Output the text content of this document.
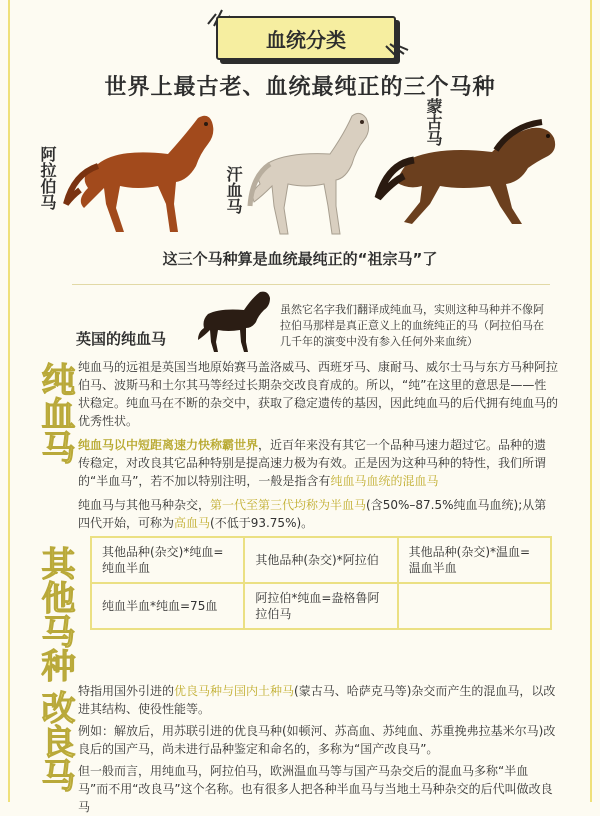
血统分类
世界上最古老、血统最纯正的三个马种
阿拉伯马	汗血马
蒙古马
这三个马种算是血统最纯正的“祖宗马”了
虽然它名字我们翻译成纯血马，实则这种马种并不像阿拉伯马那样是真正意义上的血统纯正的马（阿拉伯马在几千年的演变中没有参入任何外来血统）
英国的纯血马
纯血马 纯血马的远祖是英国当地原始赛马盖洛威马、西班牙马、康耐马、威尔士马与东方马种阿拉伯马、波斯马和土尔其马等经过长期杂交改良育成的。所以，“纯”在这里的意思是——性状稳定。纯血马在不断的杂交中，获取了稳定遗传的基因，因此纯血马的后代拥有纯血马的优秀性状。
纯血马以中短距离速力快称霸世界，近百年来没有其它一个品种马速力超过它。品种的遗传稳定，对改良其它品种特别是提高速力极为有效。正是因为这种马种的特性，我们所谓的“半血马”，若不加以特别注明，一般是指含有纯血马血统的混血马
纯血马与其他马种杂交，第一代至第三代均称为半血马(含50%–87.5%纯血马血统);从第四代开始，可称为高血马(不低于93.75%)。
其他马种 其他品种(杂交)*纯血=纯血半血	其他品种(杂交)*阿拉伯	其他品种(杂交)*温血=温血半血
纯血半血*纯血=75血	阿拉伯*纯血=盎格鲁阿拉伯马	
改良马 特指用国外引进的优良马种与国内土种马(蒙古马、哈萨克马等)杂交而产生的混血马，以改进其结构、使役性能等。
例如：解放后，用苏联引进的优良马种(如顿河、苏高血、苏纯血、苏重挽弗拉基米尔马)改良后的国产马，尚未进行品种鉴定和命名的，多称为“国产改良马”。
但一般而言，用纯血马，阿拉伯马，欧洲温血马等与国产马杂交后的混血马多称“半血马”而不用“改良马”这个名称。也有很多人把各种半血马与当地土马种杂交的后代叫做改良马
